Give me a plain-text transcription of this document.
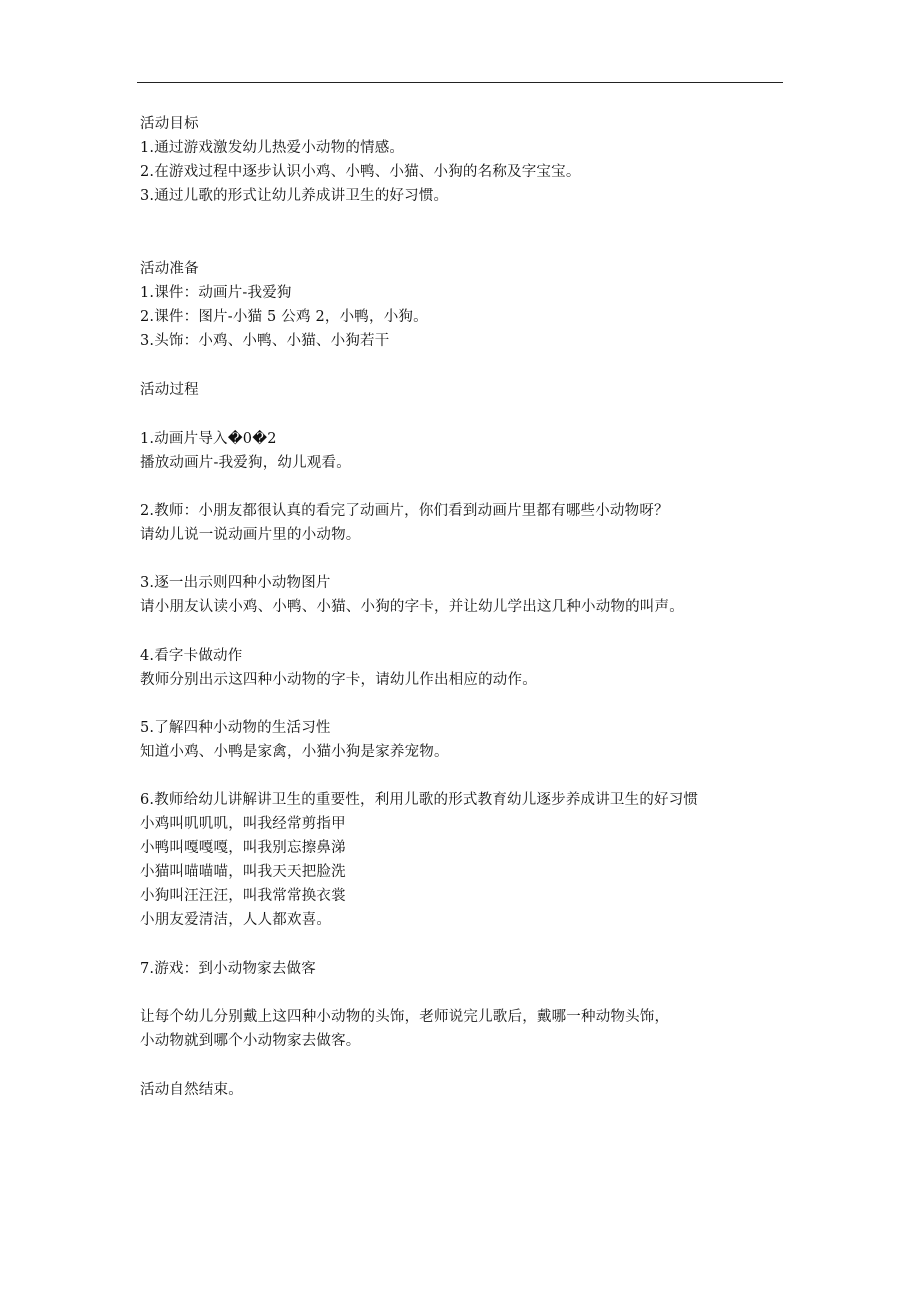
活动目标
1.通过游戏激发幼儿热爱小动物的情感。
2.在游戏过程中逐步认识小鸡、小鸭、小猫、小狗的名称及字宝宝。
3.通过儿歌的形式让幼儿养成讲卫生的好习惯。
活动准备
1.课件：动画片-我爱狗
2.课件：图片-小猫 5 公鸡 2，小鸭，小狗。
3.头饰：小鸡、小鸭、小猫、小狗若干
活动过程
1.动画片导入�0�2
播放动画片-我爱狗，幼儿观看。
2.教师：小朋友都很认真的看完了动画片，你们看到动画片里都有哪些小动物呀？
请幼儿说一说动画片里的小动物。
3.逐一出示则四种小动物图片
请小朋友认读小鸡、小鸭、小猫、小狗的字卡，并让幼儿学出这几种小动物的叫声。
4.看字卡做动作
教师分别出示这四种小动物的字卡，请幼儿作出相应的动作。
5.了解四种小动物的生活习性
知道小鸡、小鸭是家禽，小猫小狗是家养宠物。
6.教师给幼儿讲解讲卫生的重要性，利用儿歌的形式教育幼儿逐步养成讲卫生的好习惯
小鸡叫叽叽叽，叫我经常剪指甲
小鸭叫嘎嘎嘎，叫我别忘擦鼻涕
小猫叫喵喵喵，叫我天天把脸洗
小狗叫汪汪汪，叫我常常换衣裳
小朋友爱清洁，人人都欢喜。
7.游戏：到小动物家去做客
让每个幼儿分别戴上这四种小动物的头饰，老师说完儿歌后，戴哪一种动物头饰，
小动物就到哪个小动物家去做客。
活动自然结束。
